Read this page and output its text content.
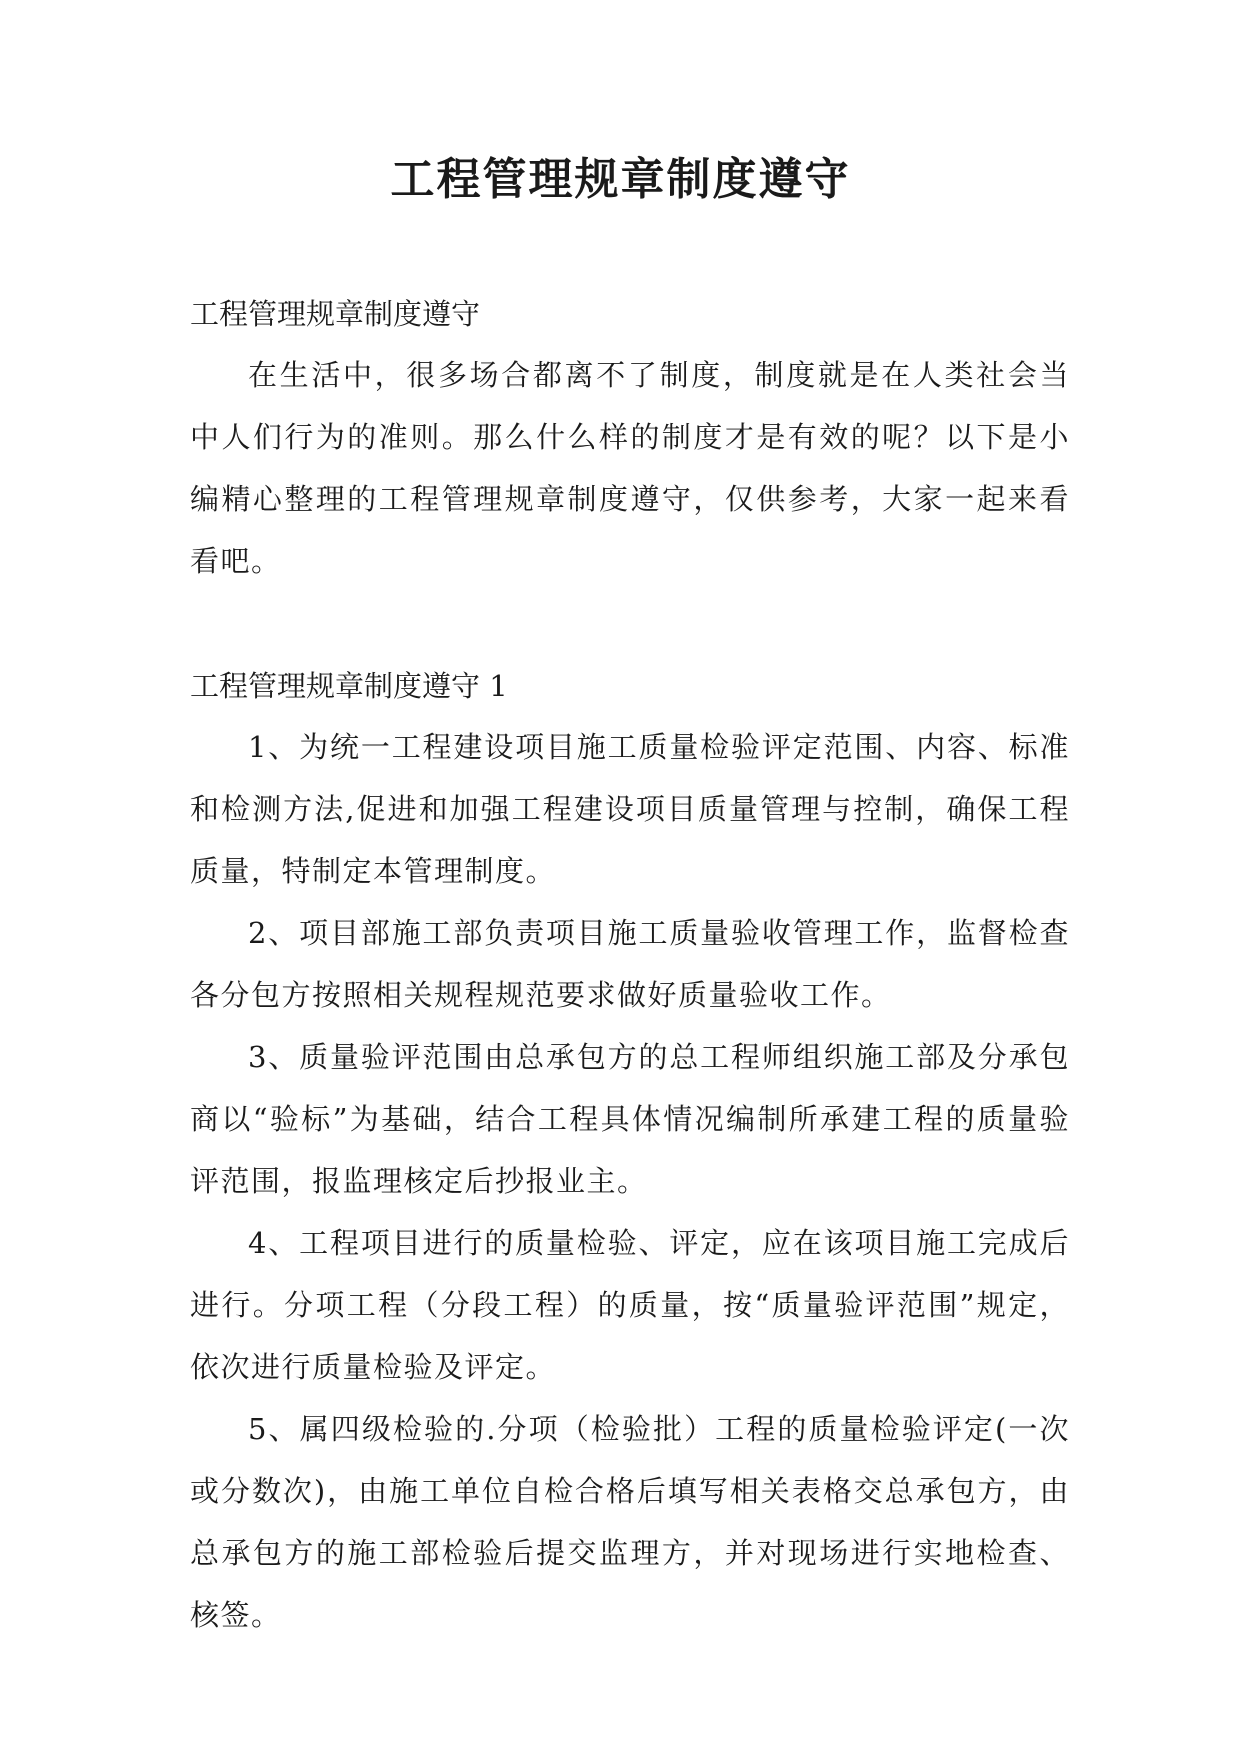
工程管理规章制度遵守

工程管理规章制度遵守

在生活中，很多场合都离不了制度，制度就是在人类社会当中人们行为的准则。那么什么样的制度才是有效的呢？以下是小编精心整理的工程管理规章制度遵守，仅供参考，大家一起来看看吧。

工程管理规章制度遵守 1

1、为统一工程建设项目施工质量检验评定范围、内容、标准和检测方法,促进和加强工程建设项目质量管理与控制，确保工程质量，特制定本管理制度。

2、项目部施工部负责项目施工质量验收管理工作，监督检查各分包方按照相关规程规范要求做好质量验收工作。

3、质量验评范围由总承包方的总工程师组织施工部及分承包商以“验标”为基础，结合工程具体情况编制所承建工程的质量验评范围，报监理核定后抄报业主。

4、工程项目进行的质量检验、评定，应在该项目施工完成后进行。分项工程（分段工程）的质量，按“质量验评范围”规定，依次进行质量检验及评定。

5、属四级检验的.分项（检验批）工程的质量检验评定(一次或分数次)，由施工单位自检合格后填写相关表格交总承包方，由总承包方的施工部检验后提交监理方，并对现场进行实地检查、核签。
